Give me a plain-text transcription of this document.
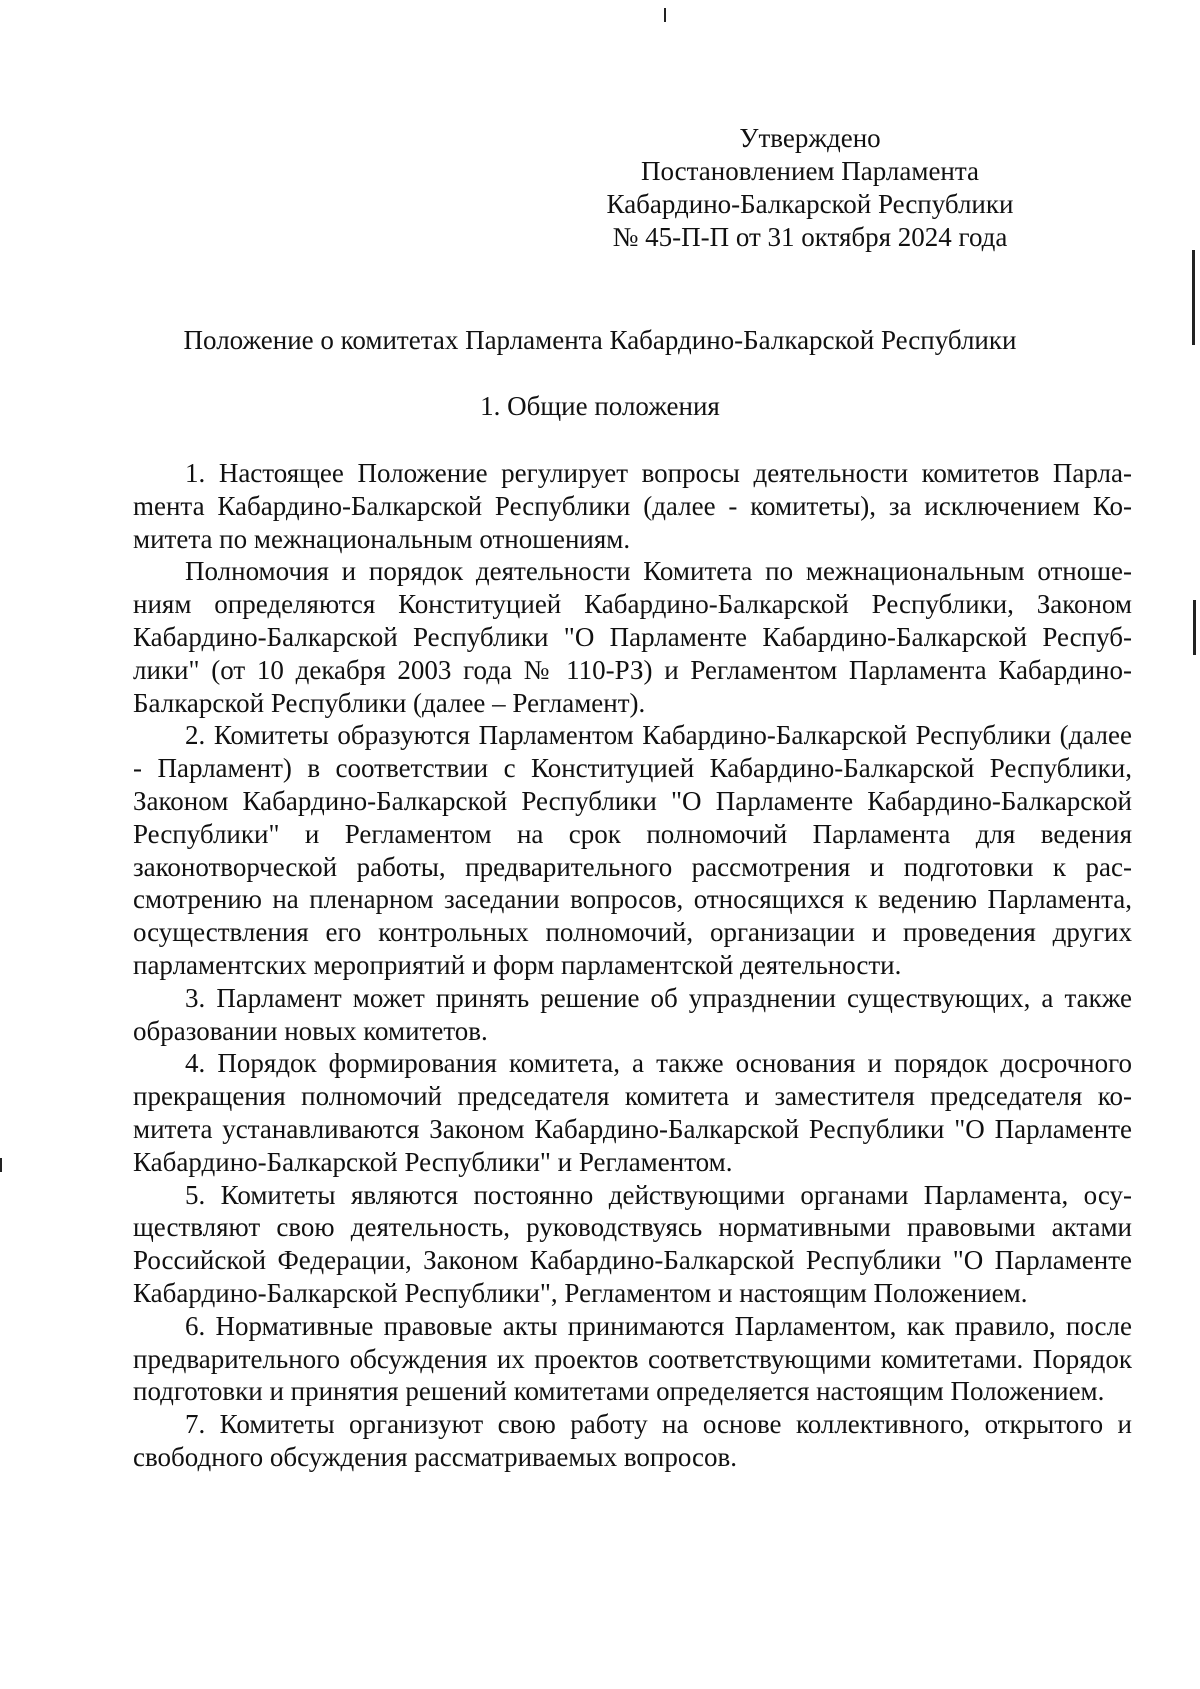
Утверждено
Постановлением Парламента
Кабардино-Балкарской Республики
№ 45-П-П от 31 октября 2024 года
Положение о комитетах Парламента Кабардино-Балкарской Республики
1. Общие положения

1. Настоящее Положение регулирует вопросы деятельности комитетов Парлаmента Кабардино-Балкарской Республики (далее - комитеты), за исключением Комитета по межнациональным отношениям.

Полномочия и порядок деятельности Комитета по межнациональным отношениям определяются Конституцией Кабардино-Балкарской Республики, Законом Кабардино-Балкарской Республики "О Парламенте Кабардино-Балкарской Республики" (от 10 декабря 2003 года № 110-РЗ) и Регламентом Парламента Кабардино-Балкарской Республики (далее – Регламент).

2. Комитеты образуются Парламентом Кабардино-Балкарской Республики (далее - Парламент) в соответствии с Конституцией Кабардино-Балкарской Республики, Законом Кабардино-Балкарской Республики "О Парламенте Кабардино-Балкарской Республики" и Регламентом на срок полномочий Парламента для ведения законотворческой работы, предварительного рассмотрения и подготовки к рассмотрению на пленарном заседании вопросов, относящихся к ведению Парламента, осуществления его контрольных полномочий, организации и проведения других парламентских мероприятий и форм парламентской деятельности.

3. Парламент может принять решение об упразднении существующих, а также образовании новых комитетов.

4. Порядок формирования комитета, а также основания и порядок досрочного прекращения полномочий председателя комитета и заместителя председателя комитета устанавливаются Законом Кабардино-Балкарской Республики "О Парламенте Кабардино-Балкарской Республики" и Регламентом.

5. Комитеты являются постоянно действующими органами Парламента, осуществляют свою деятельность, руководствуясь нормативными правовыми актами Российской Федерации, Законом Кабардино-Балкарской Республики "О Парламенте Кабардино-Балкарской Республики", Регламентом и настоящим Положением.

6. Нормативные правовые акты принимаются Парламентом, как правило, после предварительного обсуждения их проектов соответствующими комитетами. Порядок подготовки и принятия решений комитетами определяется настоящим Положением.

7. Комитеты организуют свою работу на основе коллективного, открытого и свободного обсуждения рассматриваемых вопросов.
